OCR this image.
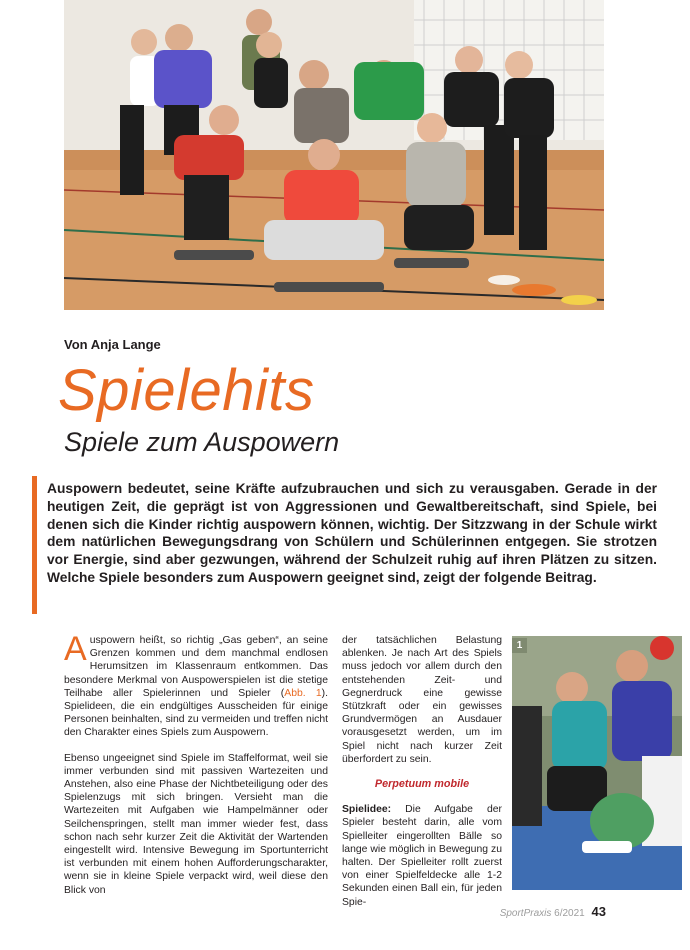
Von Anja Lange
Spielehits
Spiele zum Auspowern

Auspowern bedeutet, seine Kräfte aufzubrauchen und sich zu verausgaben. Gerade in der heutigen Zeit, die geprägt ist von Aggressionen und Gewaltbereitschaft, sind Spiele, bei denen sich die Kinder richtig auspowern können, wichtig. Der Sitzzwang in der Schule wirkt dem natürlichen Bewegungsdrang von Schülern und Schülerinnen entgegen. Sie strotzen vor Energie, sind aber gezwungen, während der Schulzeit ruhig auf ihren Plätzen zu sitzen. Welche Spiele besonders zum Auspowern geeignet sind, zeigt der folgende Beitrag.

Auspowern heißt, so richtig „Gas geben“, an seine Grenzen kommen und dem manchmal endlosen Herumsitzen im Klassenraum entkommen. Das besondere Merkmal von Auspowerspielen ist die stetige Teilhabe aller Spielerinnen und Spieler (Abb. 1). Spielideen, die ein endgültiges Ausscheiden für einige Personen beinhalten, sind zu vermeiden und treffen nicht den Charakter eines Spiels zum Auspowern.

Ebenso ungeeignet sind Spiele im Staffelformat, weil sie immer verbunden sind mit passiven Wartezeiten und Anstehen, also eine Phase der Nichtbeteiligung oder des Spielenzugs mit sich bringen. Versieht man die Wartezeiten mit Aufgaben wie Hampelmänner oder Seilchenspringen, stellt man immer wieder fest, dass schon nach sehr kurzer Zeit die Aktivität der Wartenden eingestellt wird. Intensive Bewegung im Sportunterricht ist verbunden mit einem hohen Aufforderungscharakter, wenn sie in kleine Spiele verpackt wird, weil diese den Blick von

der tatsächlichen Belastung ablenken. Je nach Art des Spiels muss jedoch vor allem durch den entstehenden Zeit- und Gegnerdruck eine gewisse Stützkraft oder ein gewisses Grundvermögen an Ausdauer vorausgesetzt werden, um im Spiel nicht nach kurzer Zeit überfordert zu sein.

Perpetuum mobile

Spielidee: Die Aufgabe der Spieler besteht darin, alle vom Spielleiter eingerollten Bälle so lange wie möglich in Bewegung zu halten. Der Spielleiter rollt zuerst von einer Spielfeldecke alle 1-2 Sekunden einen Ball ein, für jeden Spie-

1
SportPraxis 6/2021 43
